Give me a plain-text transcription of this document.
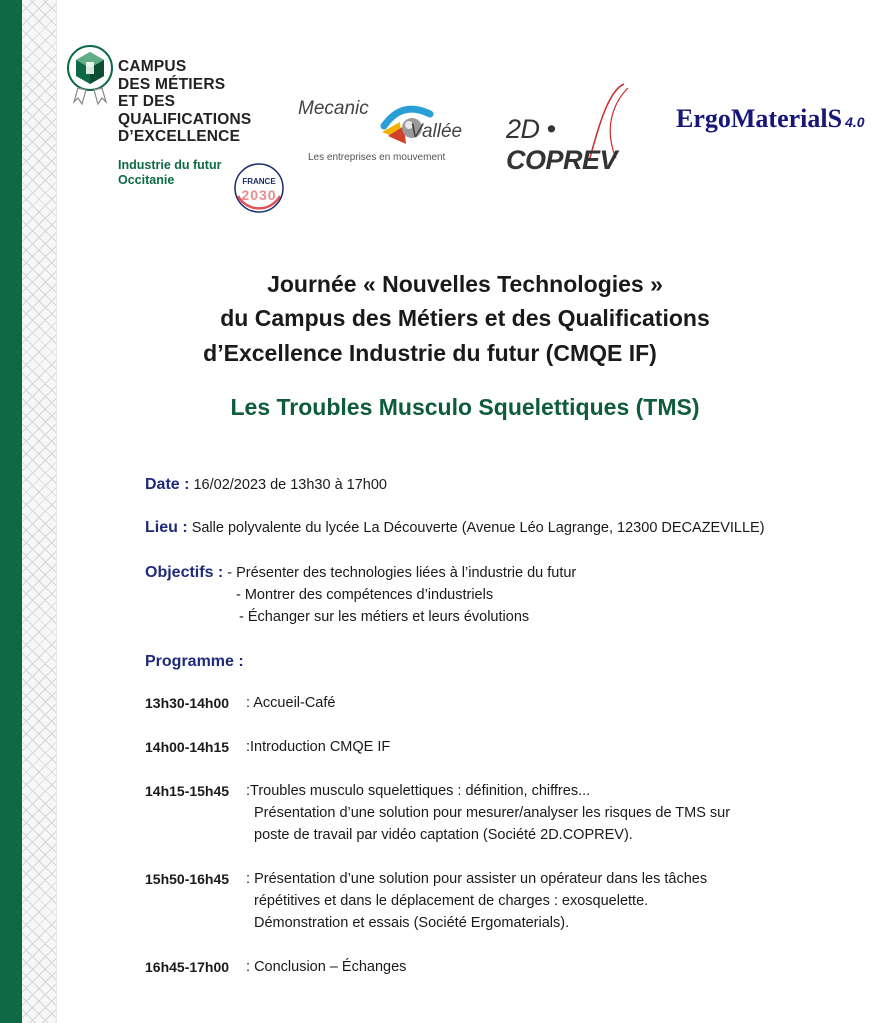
CAMPUS
DES MÉTIERS
ET DES
QUALIFICATIONS
D’EXCELLENCE
Industrie du futur
Occitanie	FRANCE
2030
Mecanic
Vallée
Les entreprises en mouvement
2D • COPREV
ErgoMaterialS 4.0
Journée « Nouvelles Technologies »
du Campus des Métiers et des Qualifications
d’Excellence Industrie du futur (CMQE IF)
Les Troubles Musculo Squelettiques (TMS)
Date : 16/02/2023 de 13h30 à 17h00
Lieu : Salle polyvalente du lycée La Découverte (Avenue Léo Lagrange, 12300 DECAZEVILLE)
Objectifs : - Présenter des technologies liées à l’industrie du futur
- Montrer des compétences d’industriels
- Échanger sur les métiers et leurs évolutions
Programme :
13h30-14h00 : Accueil-Café
14h00-14h15 :Introduction CMQE IF
14h15-15h45 :Troubles musculo squelettiques : définition, chiffres...
Présentation d’une solution pour mesurer/analyser les risques de TMS sur
poste de travail par vidéo captation (Société 2D.COPREV).
15h50-16h45 : Présentation d’une solution pour assister un opérateur dans les tâches
répétitives et dans le déplacement de charges : exosquelette.
Démonstration et essais (Société Ergomaterials).
16h45-17h00 : Conclusion – Échanges
